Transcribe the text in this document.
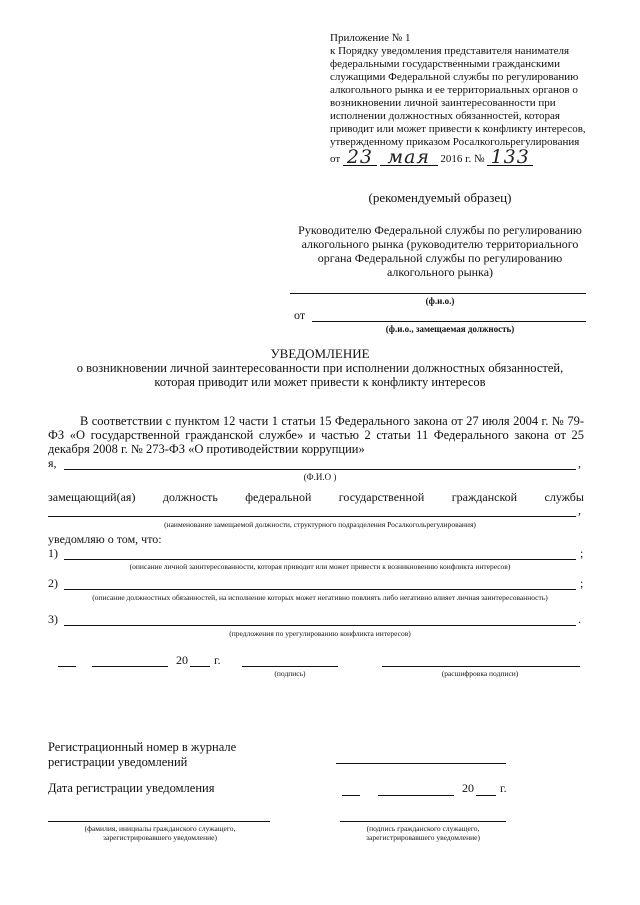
Приложение № 1
к Порядку уведомления представителя нанимателя федеральными государственными гражданскими служащими Федеральной службы по регулированию алкогольного рынка и ее территориальных органов о возникновении личной заинтересованности при исполнении должностных обязанностей, которая приводит или может привести к конфликту интересов, утвержденному приказом Росалкогольрегулирования
от 23 мая 2016 г. № 133
(рекомендуемый образец)
Руководителю Федеральной службы по регулированию алкогольного рынка (руководителю территориального органа Федеральной службы по регулированию алкогольного рынка)
(ф.и.о.)
от
(ф.и.о., замещаемая должность)
УВЕДОМЛЕНИЕ
о возникновении личной заинтересованности при исполнении должностных обязанностей, которая приводит или может привести к конфликту интересов
В соответствии с пунктом 12 части 1 статьи 15 Федерального закона от 27 июля 2004 г. № 79-ФЗ «О государственной гражданской службе» и частью 2 статьи 11 Федерального закона от 25 декабря 2008 г. № 273-ФЗ «О противодействии коррупции»
я,	,
(Ф.И.О )
замещающий(ая) должность федеральной государственной гражданской службы
,
(наименование замещаемой должности, структурного подразделения Росалкогольрегулирования)
уведомляю о том, что:
1)	;
(описание личной заинтересованности, которая приводит или может привести к возникновению конфликта интересов)
2)	;
(описание должностных обязанностей, на исполнение которых может негативно повлиять либо негативно влияет личная заинтересованность)
3)	.
(предложения по урегулированию конфликта интересов)
20 г.
(подпись)	(расшифровка подписи)
Регистрационный номер в журнале регистрации уведомлений
Дата регистрации уведомления	20 г.
(фамилия, инициалы гражданского служащего, зарегистрировавшего уведомление)
(подпись гражданского служащего, зарегистрировавшего уведомление)
